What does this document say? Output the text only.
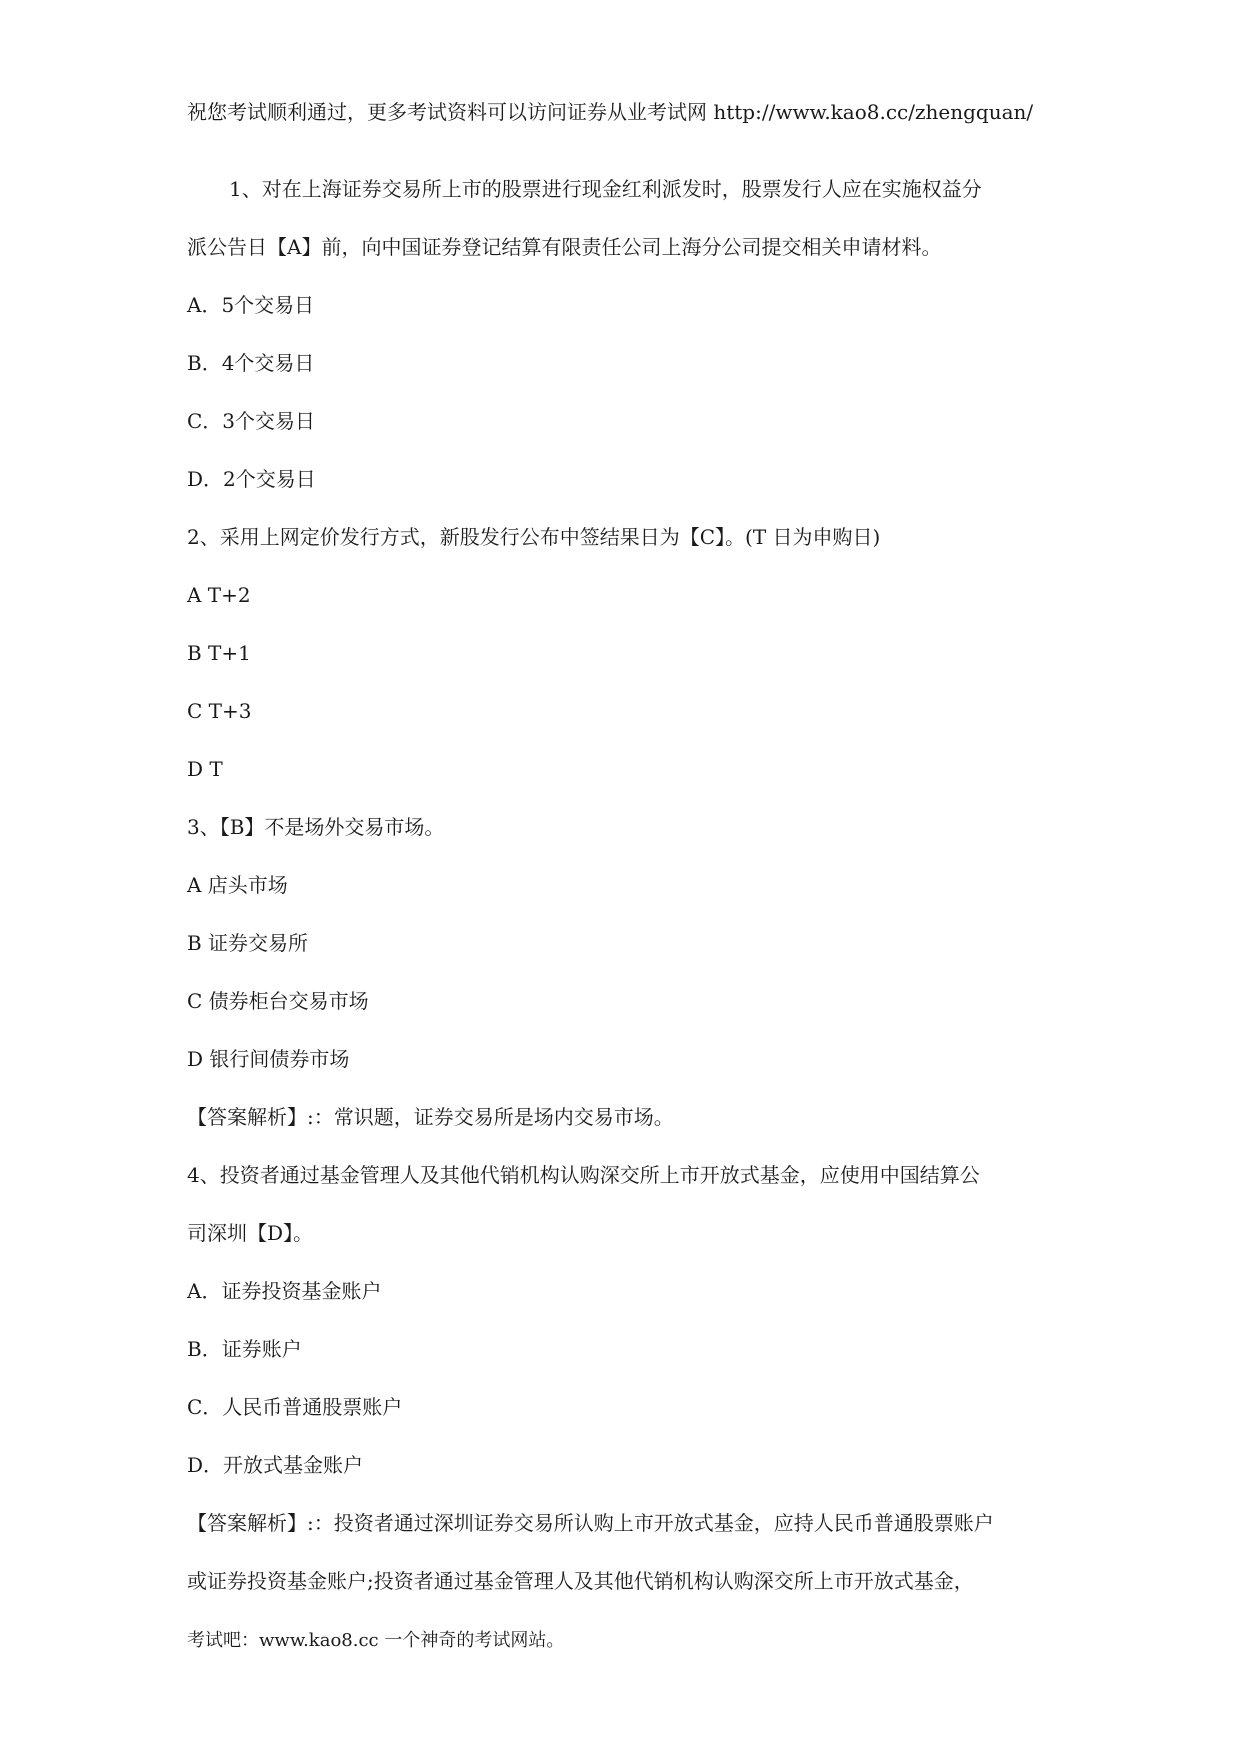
祝您考试顺利通过，更多考试资料可以访问证券从业考试网 http://www.kao8.cc/zhengquan/
1、对在上海证券交易所上市的股票进行现金红利派发时，股票发行人应在实施权益分
派公告日【A】前，向中国证券登记结算有限责任公司上海分公司提交相关申请材料。
A．5个交易日
B．4个交易日
C．3个交易日
D．2个交易日
2、采用上网定价发行方式，新股发行公布中签结果日为【C】。(T 日为申购日)
A T+2
B T+1
C T+3
D T
3、【B】不是场外交易市场。
A 店头市场
B 证券交易所
C 债券柜台交易市场
D 银行间债券市场
【答案解析】:：常识题，证券交易所是场内交易市场。
4、投资者通过基金管理人及其他代销机构认购深交所上市开放式基金，应使用中国结算公
司深圳【D】。
A．证券投资基金账户
B．证券账户
C．人民币普通股票账户
D．开放式基金账户
【答案解析】:：投资者通过深圳证券交易所认购上市开放式基金，应持人民币普通股票账户
或证券投资基金账户;投资者通过基金管理人及其他代销机构认购深交所上市开放式基金，
考试吧：www.kao8.cc 一个神奇的考试网站。
